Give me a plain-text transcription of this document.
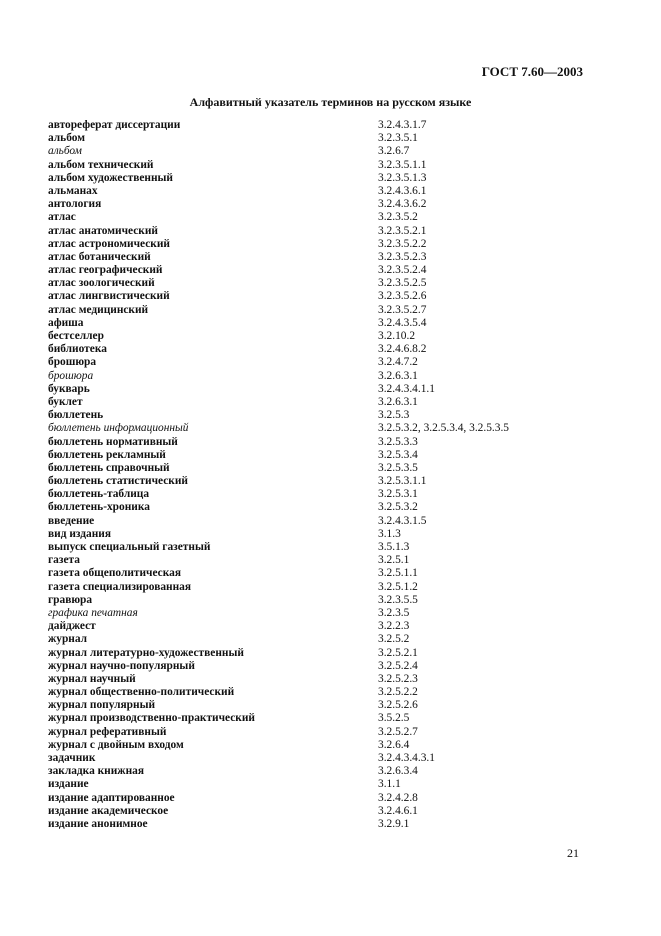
ГОСТ 7.60—2003
Алфавитный указатель терминов на русском языке
автореферат диссертации	3.2.4.3.1.7
альбом	3.2.3.5.1
альбом	3.2.6.7
альбом технический	3.2.3.5.1.1
альбом художественный	3.2.3.5.1.3
альманах	3.2.4.3.6.1
антология	3.2.4.3.6.2
атлас	3.2.3.5.2
атлас анатомический	3.2.3.5.2.1
атлас астрономический	3.2.3.5.2.2
атлас ботанический	3.2.3.5.2.3
атлас географический	3.2.3.5.2.4
атлас зоологический	3.2.3.5.2.5
атлас лингвистический	3.2.3.5.2.6
атлас медицинский	3.2.3.5.2.7
афиша	3.2.4.3.5.4
бестселлер	3.2.10.2
библиотека	3.2.4.6.8.2
брошюра	3.2.4.7.2
брошюра	3.2.6.3.1
букварь	3.2.4.3.4.1.1
буклет	3.2.6.3.1
бюллетень	3.2.5.3
бюллетень информационный	3.2.5.3.2, 3.2.5.3.4, 3.2.5.3.5
бюллетень нормативный	3.2.5.3.3
бюллетень рекламный	3.2.5.3.4
бюллетень справочный	3.2.5.3.5
бюллетень статистический	3.2.5.3.1.1
бюллетень-таблица	3.2.5.3.1
бюллетень-хроника	3.2.5.3.2
введение	3.2.4.3.1.5
вид издания	3.1.3
выпуск специальный газетный	3.5.1.3
газета	3.2.5.1
газета общеполитическая	3.2.5.1.1
газета специализированная	3.2.5.1.2
гравюра	3.2.3.5.5
графика печатная	3.2.3.5
дайджест	3.2.2.3
журнал	3.2.5.2
журнал литературно-художественный	3.2.5.2.1
журнал научно-популярный	3.2.5.2.4
журнал научный	3.2.5.2.3
журнал общественно-политический	3.2.5.2.2
журнал популярный	3.2.5.2.6
журнал производственно-практический	3.5.2.5
журнал реферативный	3.2.5.2.7
журнал с двойным входом	3.2.6.4
задачник	3.2.4.3.4.3.1
закладка книжная	3.2.6.3.4
издание	3.1.1
издание адаптированное	3.2.4.2.8
издание академическое	3.2.4.6.1
издание анонимное	3.2.9.1
21
